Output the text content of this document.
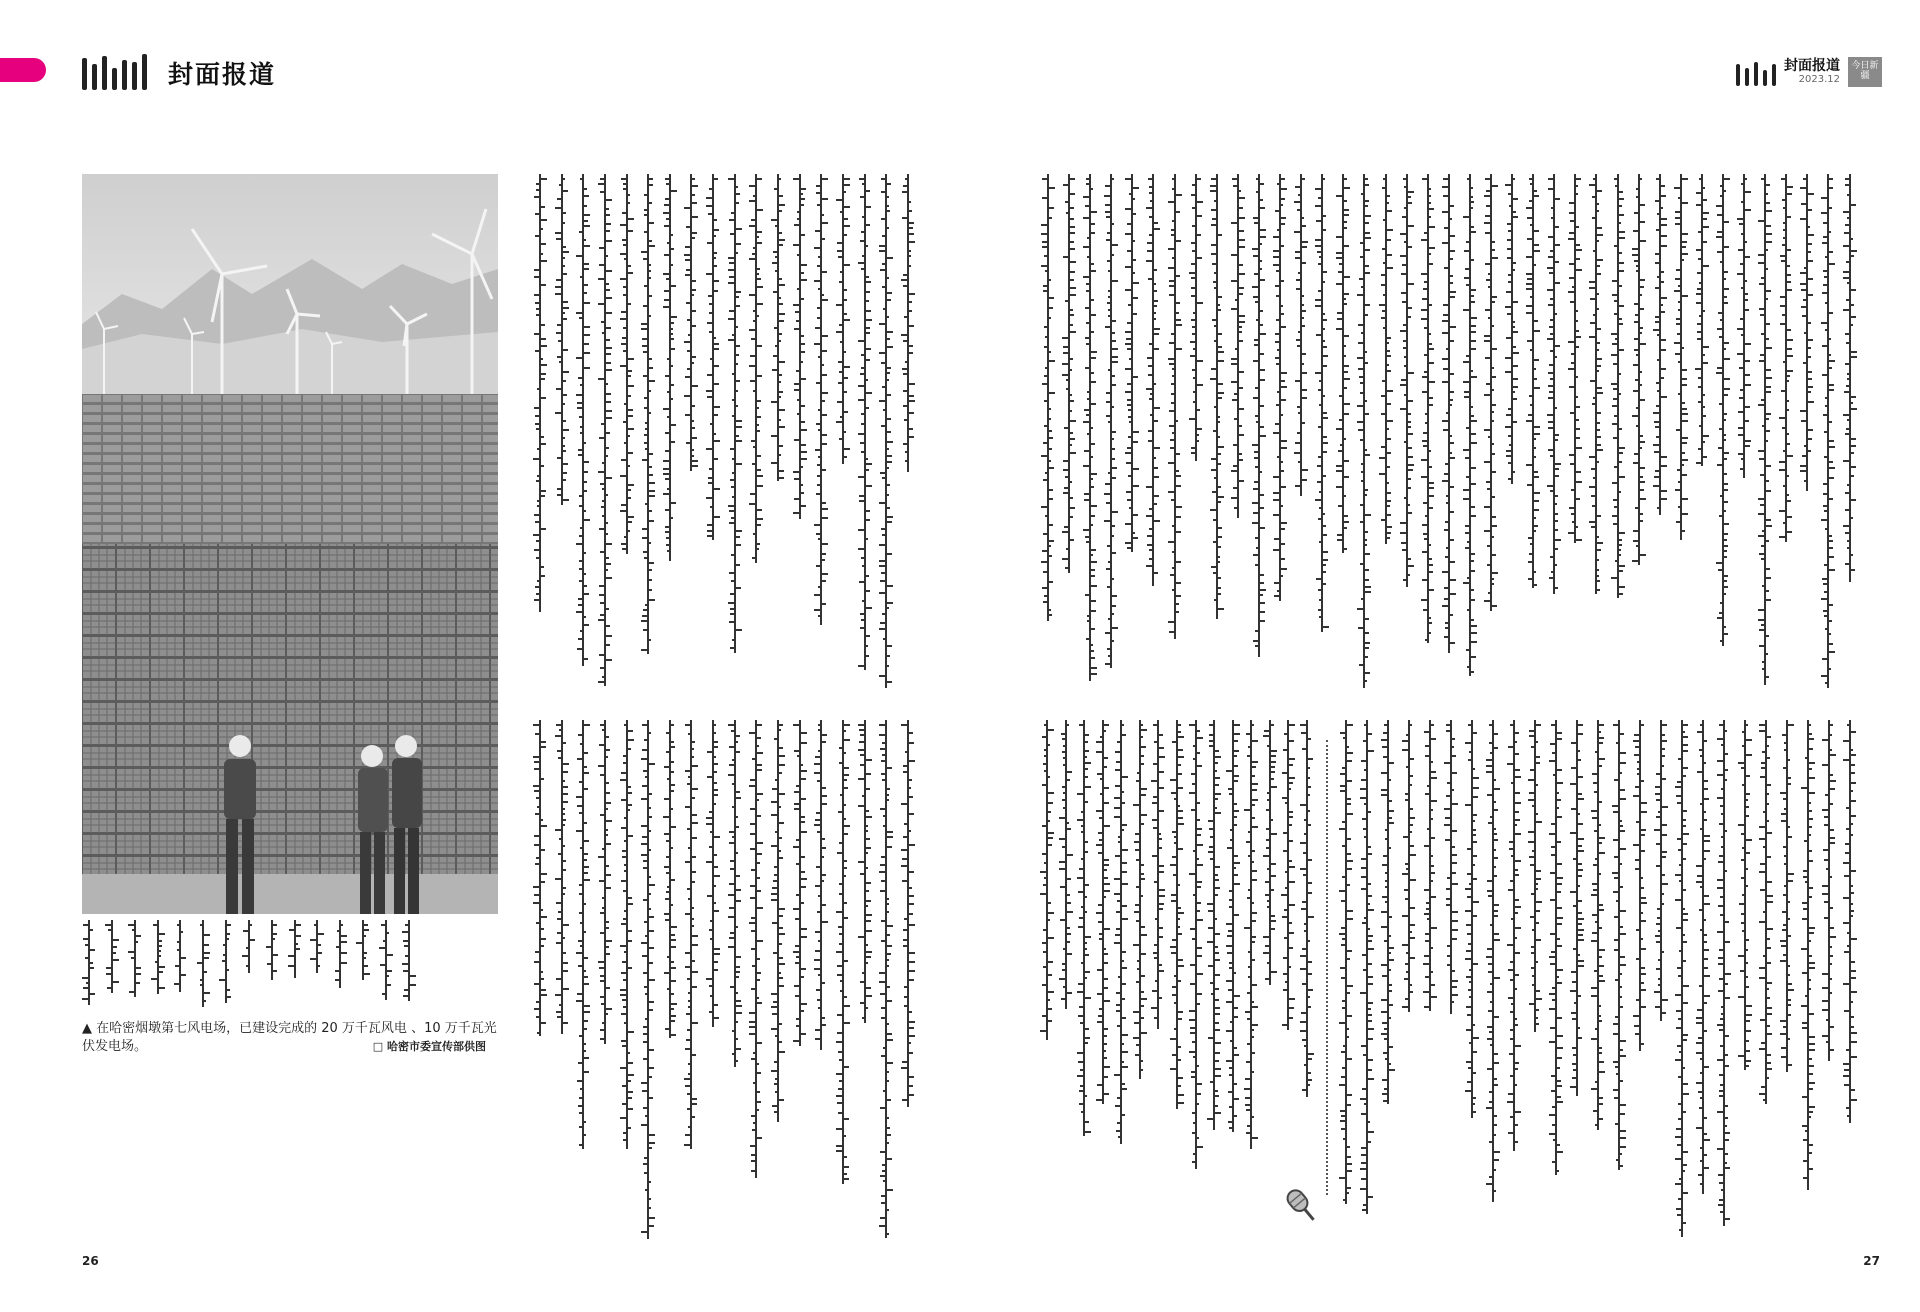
封面报道	封面报道
2023.12
今日新疆
▲ 在哈密烟墩第七风电场，已建设完成的 20 万千瓦风电 、10 万千瓦光伏发电场。	□ 哈密市委宣传部供图
26	27
